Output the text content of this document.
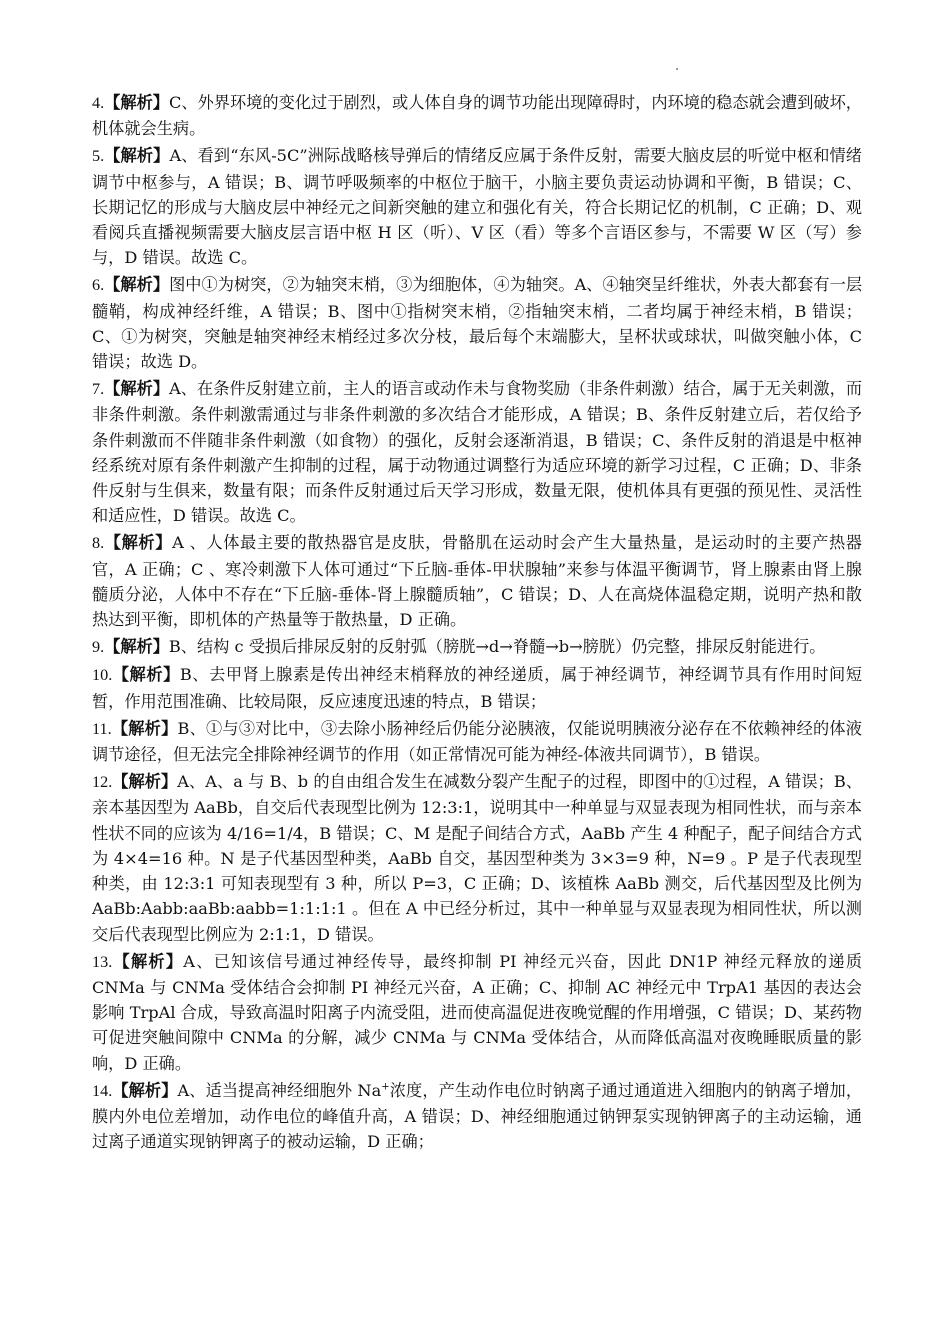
4.【解析】C、外界环境的变化过于剧烈，或人体自身的调节功能出现障碍时，内环境的稳态就会遭到破坏，机体就会生病。

5.【解析】A、看到“东风-5C”洲际战略核导弹后的情绪反应属于条件反射，需要大脑皮层的听觉中枢和情绪调节中枢参与，A 错误；B、调节呼吸频率的中枢位于脑干，小脑主要负责运动协调和平衡，B 错误；C、长期记忆的形成与大脑皮层中神经元之间新突触的建立和强化有关，符合长期记忆的机制，C 正确；D、观看阅兵直播视频需要大脑皮层言语中枢 H 区（听）、V 区（看）等多个言语区参与，不需要 W 区（写）参与，D 错误。故选 C。

6.【解析】图中①为树突，②为轴突末梢，③为细胞体，④为轴突。A、④轴突呈纤维状，外表大都套有一层髓鞘，构成神经纤维，A 错误；B、图中①指树突末梢，②指轴突末梢，二者均属于神经末梢，B 错误；C、①为树突，突触是轴突神经末梢经过多次分枝，最后每个末端膨大，呈杯状或球状，叫做突触小体，C 错误；故选 D。

7.【解析】A、在条件反射建立前，主人的语言或动作未与食物奖励（非条件刺激）结合，属于无关刺激，而非条件刺激。条件刺激需通过与非条件刺激的多次结合才能形成，A 错误；B、条件反射建立后，若仅给予条件刺激而不伴随非条件刺激（如食物）的强化，反射会逐渐消退，B 错误；C、条件反射的消退是中枢神经系统对原有条件刺激产生抑制的过程，属于动物通过调整行为适应环境的新学习过程，C 正确；D、非条件反射与生俱来，数量有限；而条件反射通过后天学习形成，数量无限，使机体具有更强的预见性、灵活性和适应性，D 错误。故选 C。

8.【解析】A 、人体最主要的散热器官是皮肤，骨骼肌在运动时会产生大量热量，是运动时的主要产热器官，A 正确；C 、寒冷刺激下人体可通过“下丘脑-垂体-甲状腺轴”来参与体温平衡调节，肾上腺素由肾上腺髓质分泌，人体中不存在“下丘脑-垂体-肾上腺髓质轴”，C 错误；D、人在高烧体温稳定期，说明产热和散热达到平衡，即机体的产热量等于散热量，D 正确。

9.【解析】B、结构 c 受损后排尿反射的反射弧（膀胱→d→脊髓→b→膀胱）仍完整，排尿反射能进行。

10.【解析】B、去甲肾上腺素是传出神经末梢释放的神经递质，属于神经调节，神经调节具有作用时间短暂，作用范围准确、比较局限，反应速度迅速的特点，B 错误；

11.【解析】B、①与③对比中，③去除小肠神经后仍能分泌胰液，仅能说明胰液分泌存在不依赖神经的体液调节途径，但无法完全排除神经调节的作用（如正常情况可能为神经-体液共同调节），B 错误。

12.【解析】A、A、a 与 B、b 的自由组合发生在减数分裂产生配子的过程，即图中的①过程，A 错误；B、亲本基因型为 AaBb，自交后代表现型比例为 12:3:1，说明其中一种单显与双显表现为相同性状，而与亲本性状不同的应该为 4/16=1/4，B 错误；C、M 是配子间结合方式，AaBb 产生 4 种配子，配子间结合方式为 4×4=16 种。N 是子代基因型种类，AaBb 自交，基因型种类为 3×3=9 种，N=9 。P 是子代表现型种类，由 12:3:1 可知表现型有 3 种，所以 P=3，C 正确；D、该植株 AaBb 测交，后代基因型及比例为 AaBb:Aabb:aaBb:aabb=1:1:1:1 。但在 A 中已经分析过，其中一种单显与双显表现为相同性状，所以测交后代表现型比例应为 2:1:1，D 错误。

13.【解析】A、已知该信号通过神经传导，最终抑制 PI 神经元兴奋，因此 DN1P 神经元释放的递质 CNMa 与 CNMa 受体结合会抑制 PI 神经元兴奋，A 正确；C、抑制 AC 神经元中 TrpA1 基因的表达会影响 TrpAl 合成，导致高温时阳离子内流受阻，进而使高温促进夜晚觉醒的作用增强，C 错误；D、某药物可促进突触间隙中 CNMa 的分解，减少 CNMa 与 CNMa 受体结合，从而降低高温对夜晚睡眠质量的影响，D 正确。

14.【解析】A、适当提高神经细胞外 Na+浓度，产生动作电位时钠离子通过通道进入细胞内的钠离子增加，膜内外电位差增加，动作电位的峰值升高，A 错误；D、神经细胞通过钠钾泵实现钠钾离子的主动运输，通过离子通道实现钠钾离子的被动运输，D 正确；
